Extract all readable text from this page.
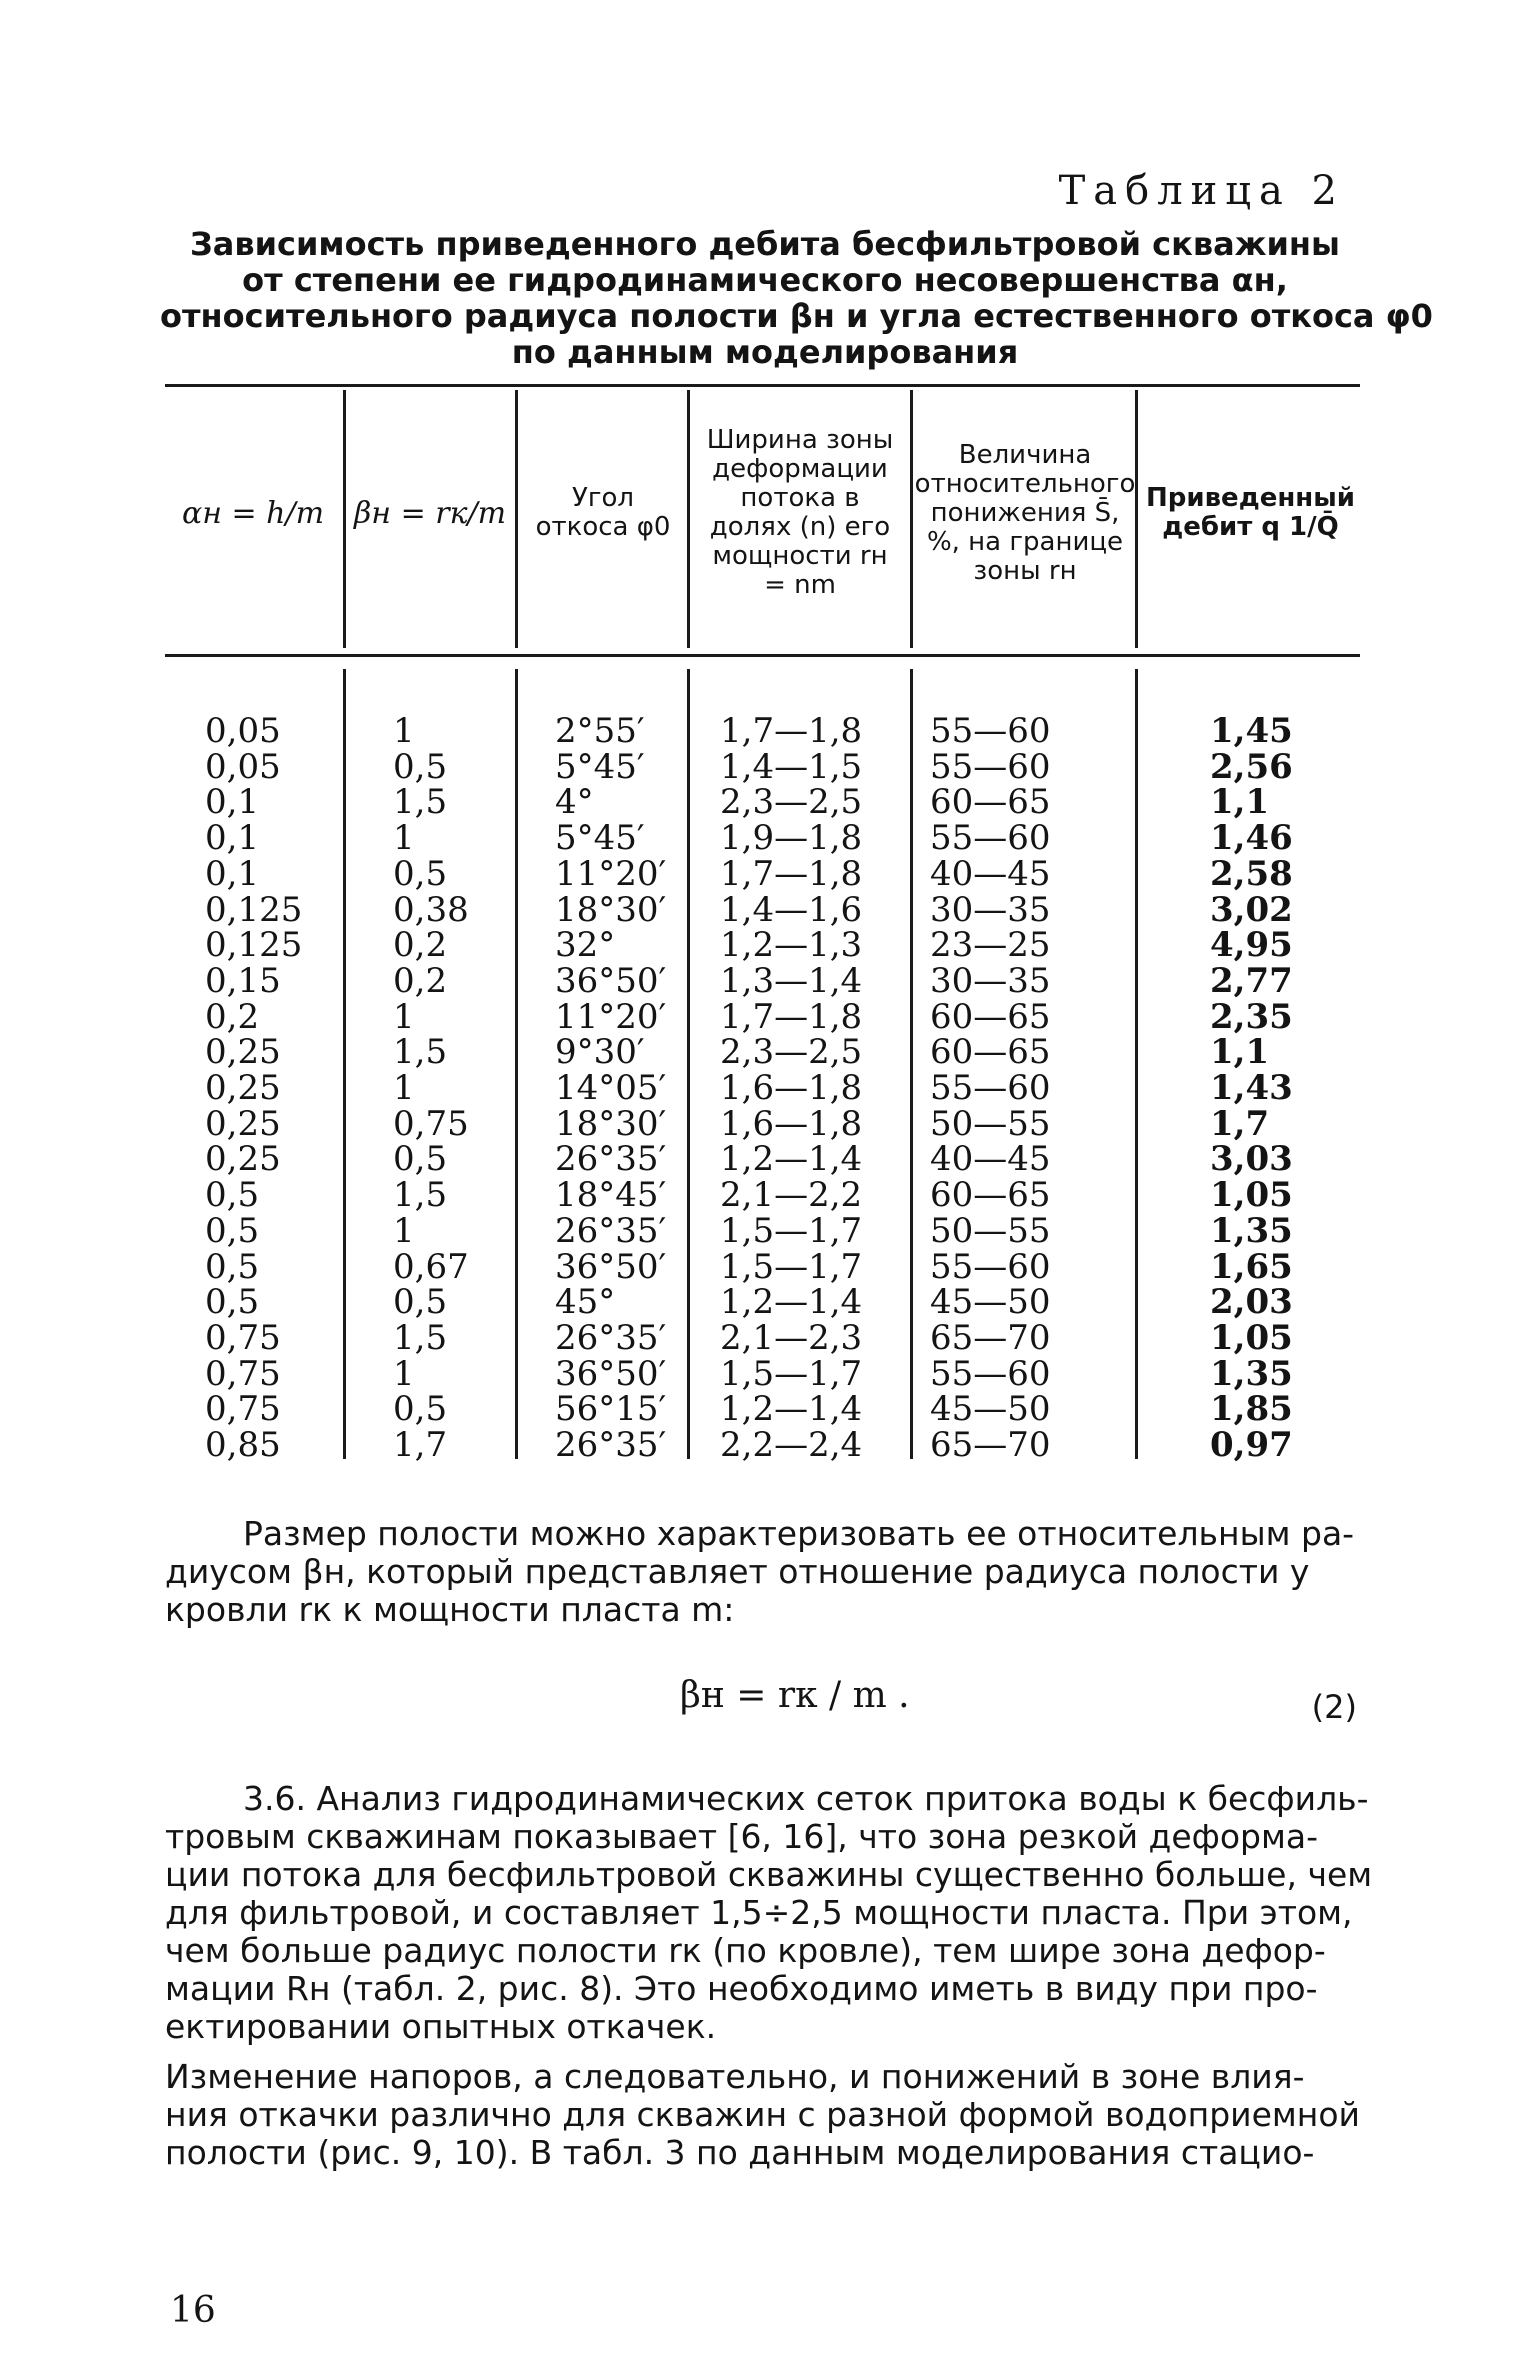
Таблица 2
Зависимость приведенного дебита бесфильтровой скважины
от степени ее гидродинамического несовершенства αн,
относительного радиуса полости βн и угла естественного откоса φ0
по данным моделирования
αн = h/m βн = rк/m	Угол откоса φ0
Ширина зоны деформации потока в долях (n) его мощности rн = nm
Величина относительного понижения S̄, %, на границе зоны rн
Приведенный дебит q 1/Q̄
0,05
0,05
0,1
0,1
0,1
0,125
0,125
0,15
0,2
0,25
0,25
0,25
0,25
0,5
0,5
0,5
0,5
0,75
0,75
0,75
0,85
1
0,5
1,5
1
0,5
0,38
0,2
0,2
1
1,5
1
0,75
0,5
1,5
1
0,67
0,5
1,5
1
0,5
1,7
2°55′
5°45′
4°
5°45′
11°20′
18°30′
32°
36°50′
11°20′
9°30′
14°05′
18°30′
26°35′
18°45′
26°35′
36°50′
45°
26°35′
36°50′
56°15′
26°35′
1,7—1,8
1,4—1,5
2,3—2,5
1,9—1,8
1,7—1,8
1,4—1,6
1,2—1,3
1,3—1,4
1,7—1,8
2,3—2,5
1,6—1,8
1,6—1,8
1,2—1,4
2,1—2,2
1,5—1,7
1,5—1,7
1,2—1,4
2,1—2,3
1,5—1,7
1,2—1,4
2,2—2,4
55—60
55—60
60—65
55—60
40—45
30—35
23—25
30—35
60—65
60—65
55—60
50—55
40—45
60—65
50—55
55—60
45—50
65—70
55—60
45—50
65—70
1,45
2,56
1,1
1,46
2,58
3,02
4,95
2,77
2,35
1,1
1,43
1,7
3,03
1,05
1,35
1,65
2,03
1,05
1,35
1,85
0,97
Размер полости можно характеризовать ее относительным ра-
диусом βн, который представляет отношение радиуса полости у
кровли rк к мощности пласта m:
βн = rк / m .	(2)
3.6. Анализ гидродинамических сеток притока воды к бесфиль-
тровым скважинам показывает [6, 16], что зона резкой деформа-
ции потока для бесфильтровой скважины существенно больше, чем
для фильтровой, и составляет 1,5÷2,5 мощности пласта. При этом,
чем больше радиус полости rк (по кровле), тем шире зона дефор-
мации Rн (табл. 2, рис. 8). Это необходимо иметь в виду при про-
ектировании опытных откачек.
Изменение напоров, а следовательно, и понижений в зоне влия-
ния откачки различно для скважин с разной формой водоприемной
полости (рис. 9, 10). В табл. 3 по данным моделирования стацио-
16
